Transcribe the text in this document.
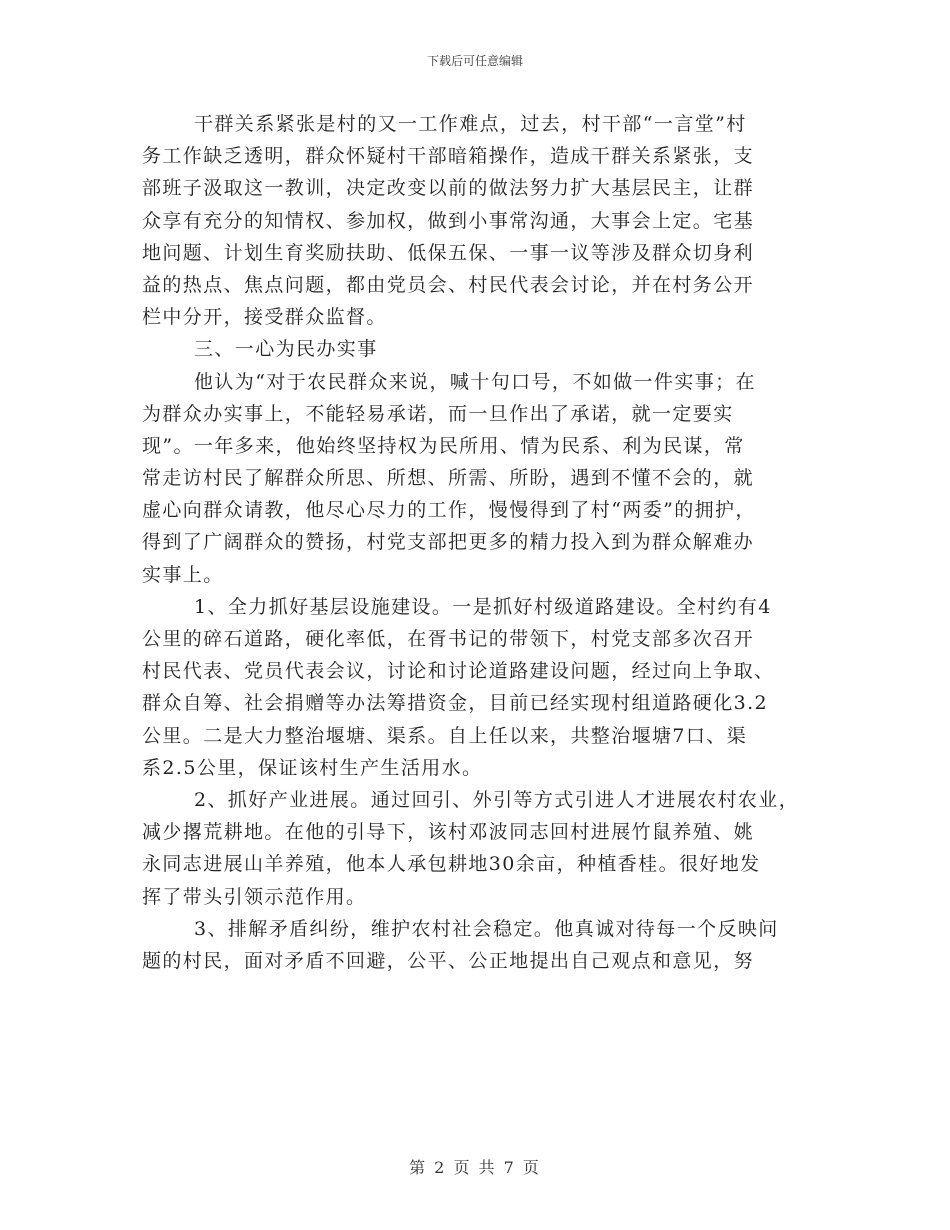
下载后可任意编辑
干群关系紧张是村的又一工作难点，过去，村干部“一言堂”村
务工作缺乏透明，群众怀疑村干部暗箱操作，造成干群关系紧张，支
部班子汲取这一教训，决定改变以前的做法努力扩大基层民主，让群
众享有充分的知情权、参加权，做到小事常沟通，大事会上定。宅基
地问题、计划生育奖励扶助、低保五保、一事一议等涉及群众切身利
益的热点、焦点问题，都由党员会、村民代表会讨论，并在村务公开
栏中分开，接受群众监督。
三、一心为民办实事
他认为“对于农民群众来说，喊十句口号，不如做一件实事；在
为群众办实事上，不能轻易承诺，而一旦作出了承诺，就一定要实
现”。一年多来，他始终坚持权为民所用、情为民系、利为民谋，常
常走访村民了解群众所思、所想、所需、所盼，遇到不懂不会的，就
虚心向群众请教，他尽心尽力的工作，慢慢得到了村“两委”的拥护，
得到了广阔群众的赞扬，村党支部把更多的精力投入到为群众解难办
实事上。
1、全力抓好基层设施建设。一是抓好村级道路建设。全村约有4
公里的碎石道路，硬化率低，在胥书记的带领下，村党支部多次召开
村民代表、党员代表会议，讨论和讨论道路建设问题，经过向上争取、
群众自筹、社会捐赠等办法筹措资金，目前已经实现村组道路硬化3.2
公里。二是大力整治堰塘、渠系。自上任以来，共整治堰塘7口、渠
系2.5公里，保证该村生产生活用水。
2、抓好产业进展。通过回引、外引等方式引进人才进展农村农业，
减少撂荒耕地。在他的引导下，该村邓波同志回村进展竹鼠养殖、姚
永同志进展山羊养殖，他本人承包耕地30余亩，种植香桂。很好地发
挥了带头引领示范作用。
3、排解矛盾纠纷，维护农村社会稳定。他真诚对待每一个反映问
题的村民，面对矛盾不回避，公平、公正地提出自己观点和意见，努
第 2 页 共 7 页
